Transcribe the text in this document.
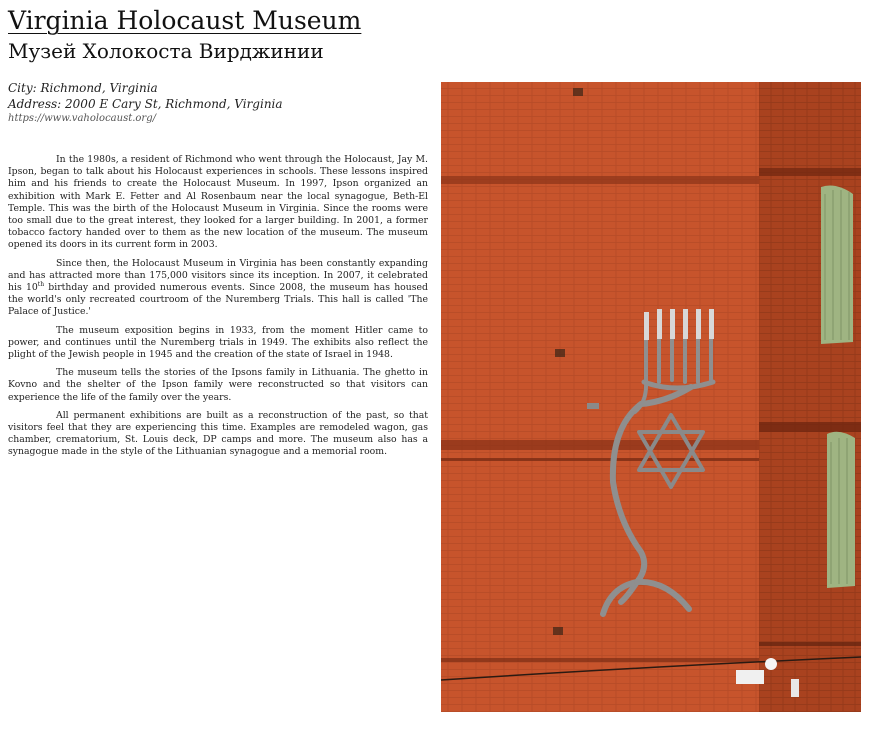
Virginia Holocaust Museum
Музей Холокоста Вирджинии
City: Richmond, Virginia
Address: 2000 E Cary St, Richmond, Virginia
https://www.vaholocaust.org/

In the 1980s, a resident of Richmond who went through the Holocaust, Jay M. Ipson, began to talk about his Holocaust experiences in schools. These lessons inspired him and his friends to create the Holocaust Museum. In 1997, Ipson organized an exhibition with Mark E. Fetter and Al Rosenbaum near the local synagogue, Beth-El Temple. This was the birth of the Holocaust Museum in Virginia. Since the rooms were too small due to the great interest, they looked for a larger building. In 2001, a former tobacco factory handed over to them as the new location of the museum. The museum opened its doors in its current form in 2003.

Since then, the Holocaust Museum in Virginia has been constantly expanding and has attracted more than 175,000 visitors since its inception. In 2007, it celebrated his 10th birthday and provided numerous events. Since 2008, the museum has housed the world's only recreated courtroom of the Nuremberg Trials. This hall is called 'The Palace of Justice.'

The museum exposition begins in 1933, from the moment Hitler came to power, and continues until the Nuremberg trials in 1949. The exhibits also reflect the plight of the Jewish people in 1945 and the creation of the state of Israel in 1948.

The museum tells the stories of the Ipsons family in Lithuania. The ghetto in Kovno and the shelter of the Ipson family were reconstructed so that visitors can experience the life of the family over the years.

All permanent exhibitions are built as a reconstruction of the past, so that visitors feel that they are experiencing this time. Examples are remodeled wagon, gas chamber, crematorium, St. Louis deck, DP camps and more. The museum also has a synagogue made in the style of the Lithuanian synagogue and a memorial room.
